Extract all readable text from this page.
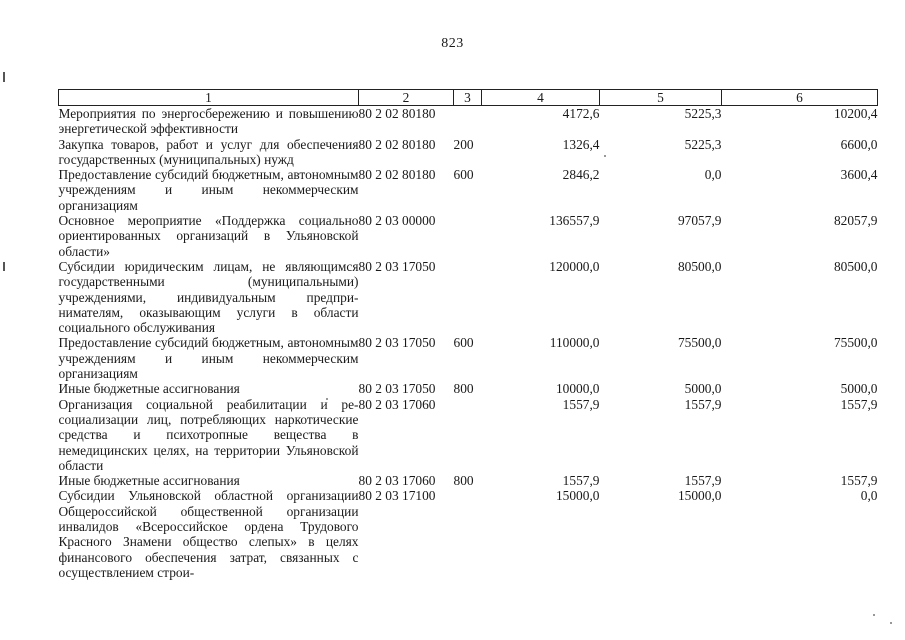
823
1	2	3	4	5	6
Мероприятия по энергосбережению и повышению энергетической эффективности	80 2 02 80180		4172,6	5225,3	10200,4
Закупка товаров, работ и услуг для обеспечения государственных (муниципальных) нужд	80 2 02 80180	200	1326,4	5225,3	6600,0
Предоставление субсидий бюджетным, автономным учреждениям и иным некоммерческим организациям	80 2 02 80180	600	2846,2	0,0	3600,4
Основное мероприятие «Поддержка социально ориентированных организаций в Ульяновской области»	80 2 03 00000		136557,9	97057,9	82057,9
Субсидии юридическим лицам, не являющимся государственными (муниципальными) учреждениями, индивидуальным предпринимателям, оказывающим услуги в области социального обслуживания	80 2 03 17050		120000,0	80500,0	80500,0
Предоставление субсидий бюджетным, автономным учреждениям и иным некоммерческим организациям	80 2 03 17050	600	110000,0	75500,0	75500,0
Иные бюджетные ассигнования	80 2 03 17050	800	10000,0	5000,0	5000,0
Организация социальной реабилитации и ресоциализации лиц, потребляющих наркотические средства и психотропные вещества в немедицинских целях, на территории Ульяновской области	80 2 03 17060		1557,9	1557,9	1557,9
Иные бюджетные ассигнования	80 2 03 17060	800	1557,9	1557,9	1557,9
Субсидии Ульяновской областной организации Общероссийской общественной организации инвалидов «Всероссийское ордена Трудового Красного Знамени общество слепых» в целях финансового обеспечения затрат, связанных с осуществлением строи-	80 2 03 17100		15000,0	15000,0	0,0
